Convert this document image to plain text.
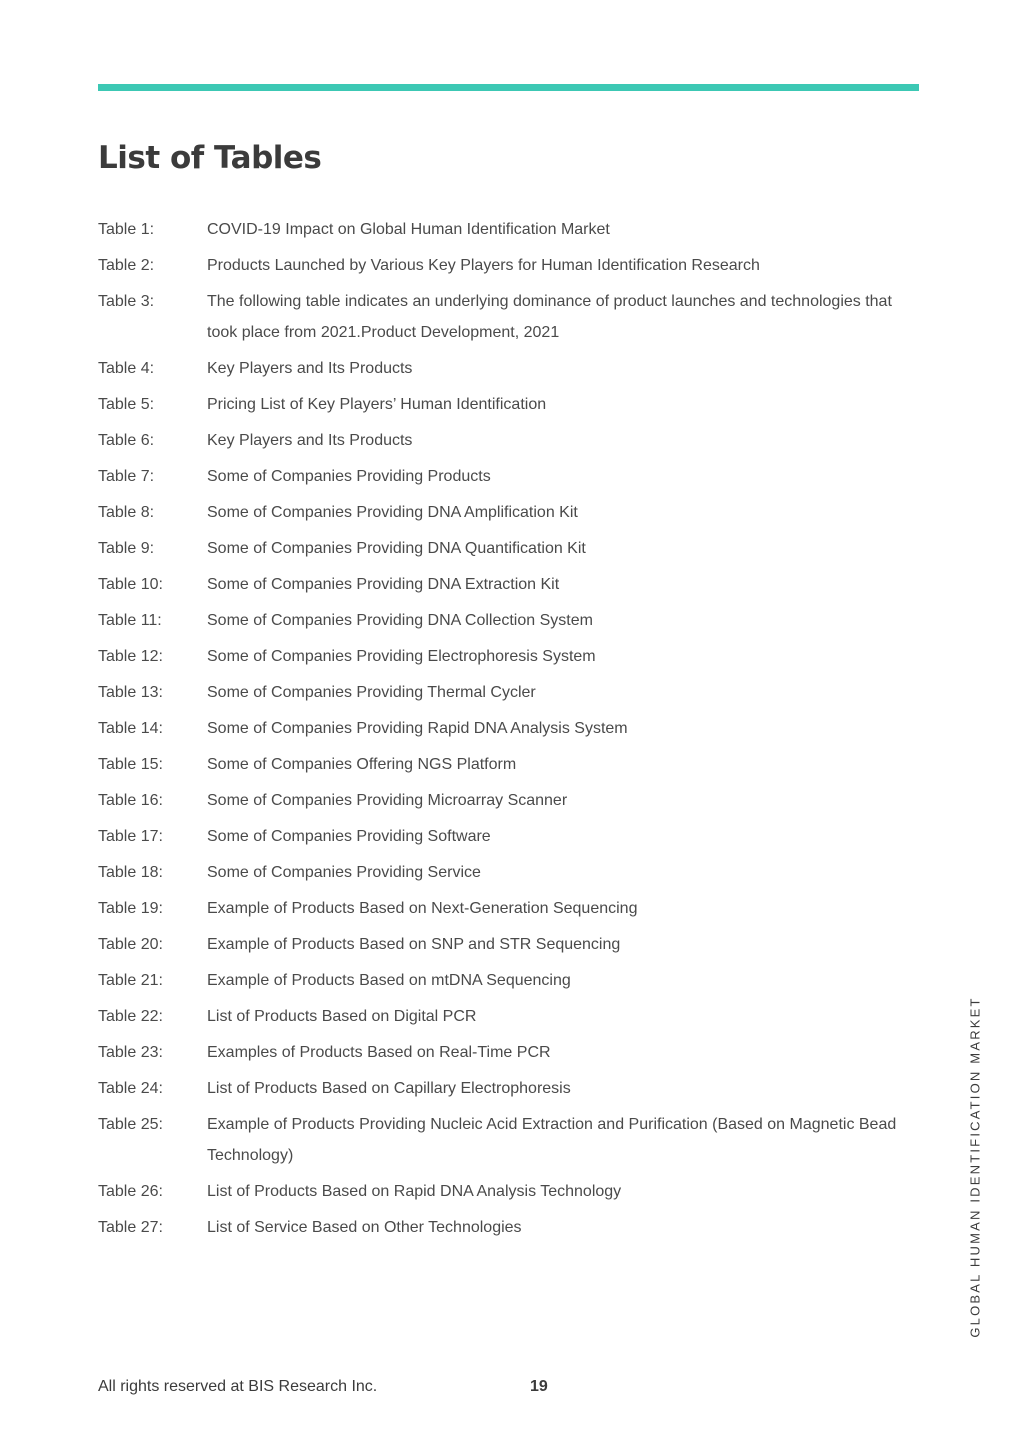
List of Tables
Table 1:	COVID-19 Impact on Global Human Identification Market
Table 2:	Products Launched by Various Key Players for Human Identification Research
Table 3:	The following table indicates an underlying dominance of product launches and technologies that took place from 2021.Product Development, 2021
Table 4:	Key Players and Its Products
Table 5:	Pricing List of Key Players’ Human Identification
Table 6:	Key Players and Its Products
Table 7:	Some of Companies Providing Products
Table 8:	Some of Companies Providing DNA Amplification Kit
Table 9:	Some of Companies Providing DNA Quantification Kit
Table 10:	Some of Companies Providing DNA Extraction Kit
Table 11:	Some of Companies Providing DNA Collection System
Table 12:	Some of Companies Providing Electrophoresis System
Table 13:	Some of Companies Providing Thermal Cycler
Table 14:	Some of Companies Providing Rapid DNA Analysis System
Table 15:	Some of Companies Offering NGS Platform
Table 16:	Some of Companies Providing Microarray Scanner
Table 17:	Some of Companies Providing Software
Table 18:	Some of Companies Providing Service
Table 19:	Example of Products Based on Next-Generation Sequencing
Table 20:	Example of Products Based on SNP and STR Sequencing
Table 21:	Example of Products Based on mtDNA Sequencing
Table 22:	List of Products Based on Digital PCR
Table 23:	Examples of Products Based on Real-Time PCR
Table 24:	List of Products Based on Capillary Electrophoresis
Table 25:	Example of Products Providing Nucleic Acid Extraction and Purification (Based on Magnetic Bead Technology)
Table 26:	List of Products Based on Rapid DNA Analysis Technology
Table 27:	List of Service Based on Other Technologies	GLOBAL HUMAN IDENTIFICATION MARKET
All rights reserved at BIS Research Inc.	19
